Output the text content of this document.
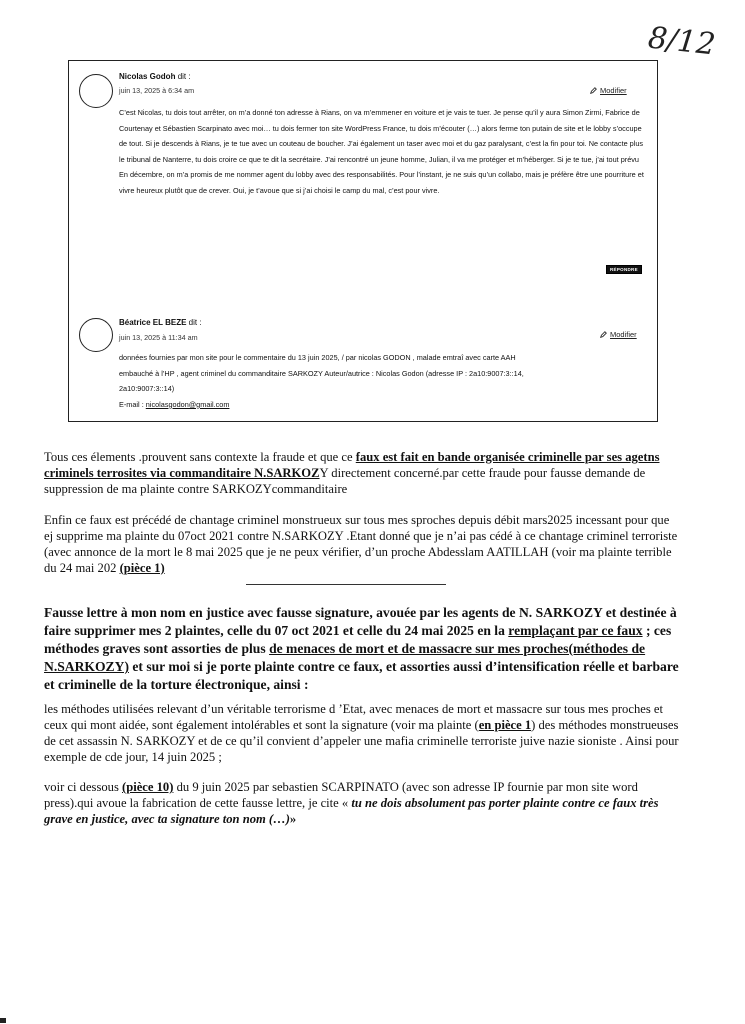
8/12
Nicolas Godoh dit :
juin 13, 2025 à 6:34 am	Modifier

C’est Nicolas, tu dois tout arrêter, on m’a donné ton adresse à Rians, on va m’emmener en voiture et je vais te tuer. Je pense qu’il y aura Simon Zirmi, Fabrice de Courtenay et Sébastien Scarpinato avec moi… tu dois fermer ton site WordPress France, tu dois m’écouter (…) alors ferme ton putain de site et le lobby s’occupe de tout. Si je descends à Rians, je te tue avec un couteau de boucher. J’ai également un taser avec moi et du gaz paralysant, c’est la fin pour toi. Ne contacte plus le tribunal de Nanterre, tu dois croire ce que te dit la secrétaire. J’ai rencontré un jeune homme, Julian, il va me protéger et m’héberger. Si je te tue, j’ai tout prévu

En décembre, on m’a promis de me nommer agent du lobby avec des responsabilités. Pour l’instant, je ne suis qu’un collabo, mais je préfère être une pourriture et vivre heureux plutôt que de crever. Oui, je t’avoue que si j’ai choisi le camp du mal, c’est pour vivre.

RÉPONDRE
Béatrice EL BEZE dit :
juin 13, 2025 à 11:34 am	Modifier

données fournies par mon site pour le commentaire du 13 juin 2025, / par nicolas GODON , malade emtraî avec carte AAH embauché à l’HP , agent criminel du commanditaire SARKOZY Auteur/autrice : Nicolas Godon (adresse IP : 2a10:9007:3::14, 2a10:9007:3::14)

E-mail : nicolasgodon@gmail.com

Tous ces élements .prouvent sans contexte la fraude et que ce faux est fait en bande organisée criminelle par ses agetns criminels terrosites via commanditaire N.SARKOZY directement concerné.par cette fraude pour fausse demande de suppression de ma plainte contre SARKOZYcommanditaire

Enfin ce faux est précédé de chantage criminel monstrueux sur tous mes sproches depuis débit mars2025 incessant pour que ej supprime ma plainte du 07oct 2021 contre N.SARKOZY .Etant donné que je n’ai pas cédé à ce chantage criminel terroriste (avec annonce de la mort le 8 mai 2025 que je ne peux vérifier, d’un proche Abdesslam AATILLAH (voir ma plainte terrible du 24 mai 202 (pièce 1)

Fausse lettre à mon nom en justice avec fausse signature, avouée par les agents de N. SARKOZY et destinée à faire supprimer mes 2 plaintes, celle du 07 oct 2021 et celle du 24 mai 2025 en la remplaçant par ce faux ; ces méthodes graves sont assorties de plus de menaces de mort et de massacre sur mes proches(méthodes de N.SARKOZY) et sur moi si je porte plainte contre ce faux, et assorties aussi d’intensification réelle et barbare et criminelle de la torture électronique, ainsi :

les méthodes utilisées relevant d’un véritable terrorisme d ’Etat, avec menaces de mort et massacre sur tous mes proches et ceux qui mont aidée, sont également intolérables et sont la signature (voir ma plainte (en pièce 1) des méthodes monstrueuses de cet assassin N. SARKOZY et de ce qu’il convient d’appeler une mafia criminelle terroriste juive nazie sioniste . Ainsi pour exemple de cde jour, 14 juin 2025 ;

voir ci dessous (pièce 10) du 9 juin 2025 par sebastien SCARPINATO (avec son adresse IP fournie par mon site word press).qui avoue la fabrication de cette fausse lettre, je cite « tu ne dois absolument pas porter plainte contre ce faux très grave en justice, avec ta signature ton nom (…)»
